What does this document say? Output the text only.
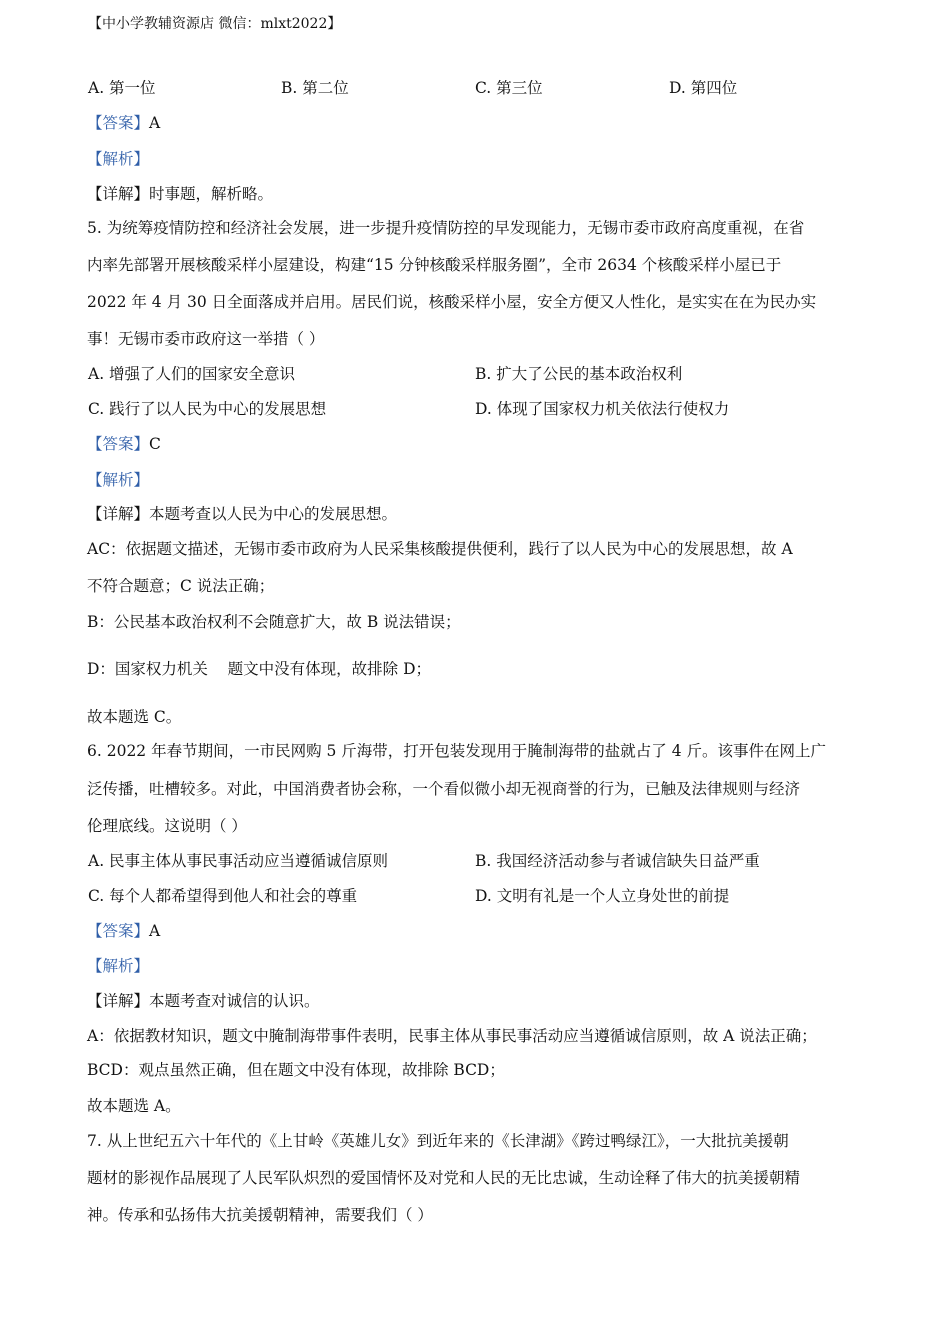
【中小学教辅资源店 微信：mlxt2022】
A. 第一位	B. 第二位	C. 第三位	D. 第四位
【答案】A
【解析】
【详解】时事题，解析略。
5. 为统筹疫情防控和经济社会发展，进一步提升疫情防控的早发现能力，无锡市委市政府高度重视，在省
内率先部署开展核酸采样小屋建设，构建“15 分钟核酸采样服务圈”，全市 2634 个核酸采样小屋已于
2022 年 4 月 30 日全面落成并启用。居民们说，核酸采样小屋，安全方便又人性化，是实实在在为民办实
事！无锡市委市政府这一举措（ ）
A. 增强了人们的国家安全意识	B. 扩大了公民的基本政治权利
C. 践行了以人民为中心的发展思想	D. 体现了国家权力机关依法行使权力
【答案】C
【解析】
【详解】本题考查以人民为中心的发展思想。
AC：依据题文描述，无锡市委市政府为人民采集核酸提供便利，践行了以人民为中心的发展思想，故 A
不符合题意；C 说法正确；
B：公民基本政治权利不会随意扩大，故 B 说法错误；
D：国家权力机关    题文中没有体现，故排除 D；
故本题选 C。
6. 2022 年春节期间，一市民网购 5 斤海带，打开包装发现用于腌制海带的盐就占了 4 斤。该事件在网上广
泛传播，吐槽较多。对此，中国消费者协会称，一个看似微小却无视商誉的行为，已触及法律规则与经济
伦理底线。这说明（ ）
A. 民事主体从事民事活动应当遵循诚信原则	B. 我国经济活动参与者诚信缺失日益严重
C. 每个人都希望得到他人和社会的尊重	D. 文明有礼是一个人立身处世的前提
【答案】A
【解析】
【详解】本题考查对诚信的认识。
A：依据教材知识，题文中腌制海带事件表明，民事主体从事民事活动应当遵循诚信原则，故 A 说法正确；
BCD：观点虽然正确，但在题文中没有体现，故排除 BCD；
故本题选 A。
7. 从上世纪五六十年代的《上甘岭《英雄儿女》到近年来的《长津湖》《跨过鸭绿江》，一大批抗美援朝
题材的影视作品展现了人民军队炽烈的爱国情怀及对党和人民的无比忠诚，生动诠释了伟大的抗美援朝精
神。传承和弘扬伟大抗美援朝精神，需要我们（ ）
